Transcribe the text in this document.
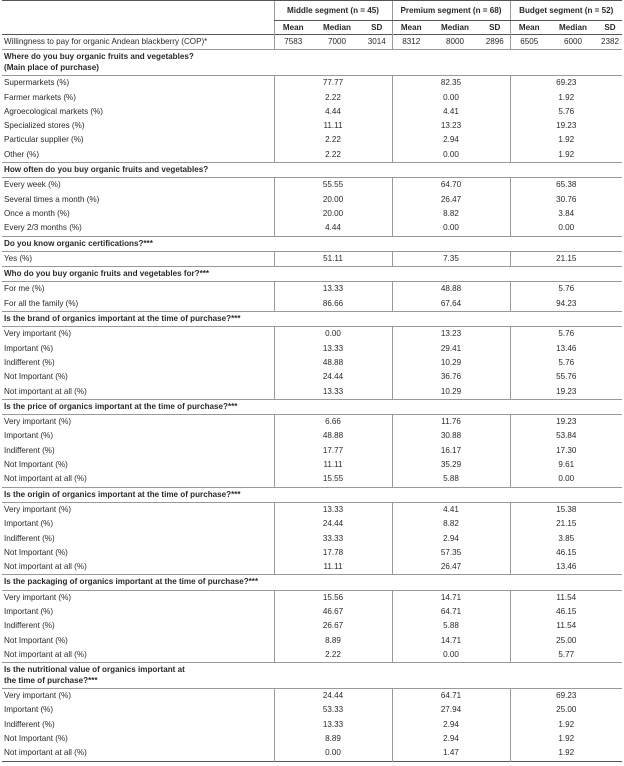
	Middle segment (n = 45)			Premium segment (n = 68)			Budget segment (n = 52)		
	Mean	Median	SD	Mean	Median	SD	Mean	Median	SD
Willingness to pay for organic Andean blackberry (COP)*	7583	7000	3014	8312	8000	2896	6505	6000	2382
Where do you buy organic fruits and vegetables?
(Main place of purchase)									
Supermarkets (%)	77.77			82.35			69.23		
Farmer markets (%)	2.22			0.00			1.92		
Agroecological markets (%)	4.44			4.41			5.76		
Specialized stores (%)	11.11			13.23			19.23		
Particular supplier (%)	2.22			2.94			1.92		
Other (%)	2.22			0.00			1.92		
How often do you buy organic fruits and vegetables?									
Every week (%)	55.55			64.70			65.38		
Several times a month (%)	20.00			26.47			30.76		
Once a month (%)	20.00			8.82			3.84		
Every 2/3 months (%)	4.44			0.00			0.00		
Do you know organic certifications?***									
Yes (%)	51.11			7.35			21.15		
Who do you buy organic fruits and vegetables for?***									
For me (%)	13.33			48.88			5.76		
For all the family (%)	86.66			67.64			94.23		
Is the brand of organics important at the time of purchase?***									
Very important (%)	0.00			13.23			5.76		
Important (%)	13.33			29.41			13.46		
Indifferent (%)	48.88			10.29			5.76		
Not Important (%)	24.44			36.76			55.76		
Not important at all (%)	13.33			10.29			19.23		
Is the price of organics important at the time of purchase?***									
Very important (%)	6.66			11.76			19.23		
Important (%)	48.88			30.88			53.84		
Indifferent (%)	17.77			16.17			17.30		
Not Important (%)	11.11			35.29			9.61		
Not important at all (%)	15.55			5.88			0.00		
Is the origin of organics important at the time of purchase?***									
Very important (%)	13.33			4.41			15.38		
Important (%)	24.44			8.82			21.15		
Indifferent (%)	33.33			2.94			3.85		
Not Important (%)	17.78			57.35			46.15		
Not important at all (%)	11.11			26.47			13.46		
Is the packaging of organics important at the time of purchase?***									
Very important (%)	15.56			14.71			11.54		
Important (%)	46.67			64.71			46.15		
Indifferent (%)	26.67			5.88			11.54		
Not Important (%)	8.89			14.71			25.00		
Not important at all (%)	2.22			0.00			5.77		
Is the nutritional value of organics important at
the time of purchase?***									
Very important (%)	24.44			64.71			69.23		
Important (%)	53.33			27.94			25.00		
Indifferent (%)	13.33			2.94			1.92		
Not Important (%)	8.89			2.94			1.92		
Not important at all (%)	0.00			1.47			1.92		
